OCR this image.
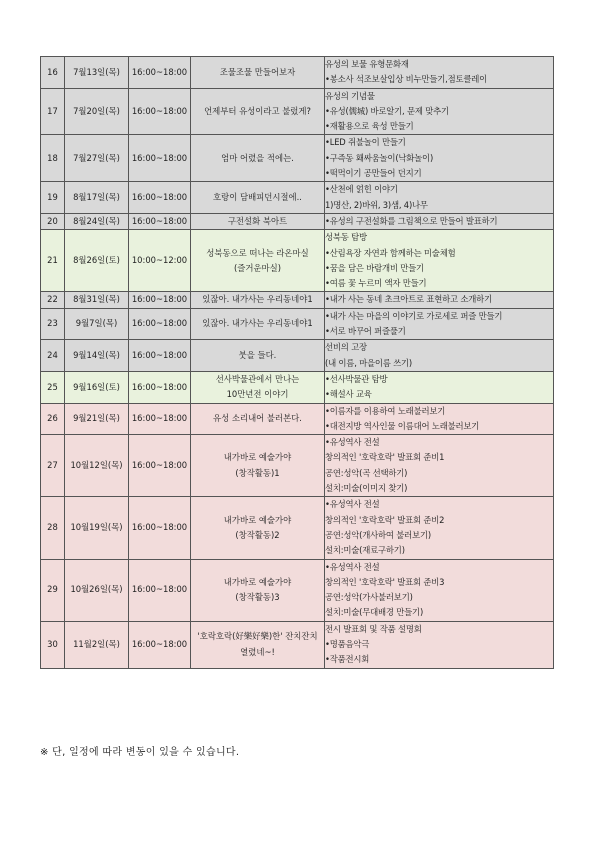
16	7월13일(목)	16:00~18:00	조물조물 만들어보자	유성의 보물 유형문화재
•봉소사 석조보살입상 비누만들기,점토클레이

17	7월20일(목)	16:00~18:00	언제부터 유성이라고 불렀게?	유성의 기념물
•유성(儒城) 바로알기, 문제 맞추기
•재활용으로 육성 만들기

18	7월27일(목)	16:00~18:00	엄마 어렸을 적에는.	•LED 쥐불놀이 만들기
•구즉동 홰싸움놀이(낙화놀이)
•떡먹이기 공만들어 던지기

19	8월17일(목)	16:00~18:00	호랑이 담배피던시절에..	•산천에 얽힌 이야기
1)명산, 2)바위, 3)샘, 4)나무

20	8월24일(목)	16:00~18:00	구전설화 북아트	•유성의 구전설화를 그림책으로 만들어 발표하기

21	8월26일(토)	10:00~12:00	성북동으로 떠나는 라온마실
(즐거운마실)	성북동 탐방
•산림욕장 자연과 함께하는 미술체험
•꿈을 담은 바람개비 만들기
•여름 꽃 누르미 액자 만들기

22	8월31일(목)	16:00~18:00	있잖아. 내가사는 우리동네야1	•내가 사는 동네 초크아트로 표현하고 소개하기

23	9월7일(목)	16:00~18:00	있잖아. 내가사는 우리동네야1	•내가 사는 마을의 이야기로 가로세로 퍼즐 만들기
•서로 바꾸어 퍼즐풀기

24	9월14일(목)	16:00~18:00	붓을 들다.	선비의 고장
(내 이름, 마을이름 쓰기)

25	9월16일(토)	16:00~18:00	선사박물관에서 만나는
10만년전 이야기	•선사박물관 탐방
•해설사 교육

26	9월21일(목)	16:00~18:00	유성 소리내어 불러본다.	•이름자를 이용하여 노래불러보기
•대전지방 역사인물 이름대어 노래불러보기

27	10월12일(목)	16:00~18:00	내가바로 예술가야
(창작활동)1	•유성역사 전설
창의적인 '호락호락' 발표회 준비1
공연:성악(곡 선택하기)
설치:미술(이미지 찾기)

28	10월19일(목)	16:00~18:00	내가바로 예술가야
(창작활동)2	•유성역사 전설
창의적인 '호락호락' 발표회 준비2
공연:성악(개사하여 불러보기)
설치:미술(재료구하기)

29	10월26일(목)	16:00~18:00	내가바로 예술가야
(창작활동)3	•유성역사 전설
창의적인 '호락호락' 발표회 준비3
공연:성악(가사불러보기)
설치:미술(무대배경 만들기)

30	11월2일(목)	16:00~18:00	'호락호락(好樂好樂)한' 잔치잔치
열렸네~!	전시 발표회 및 작품 설명회
•명품음악극
•작품전시회
※ 단, 일정에 따라 변동이 있을 수 있습니다.
